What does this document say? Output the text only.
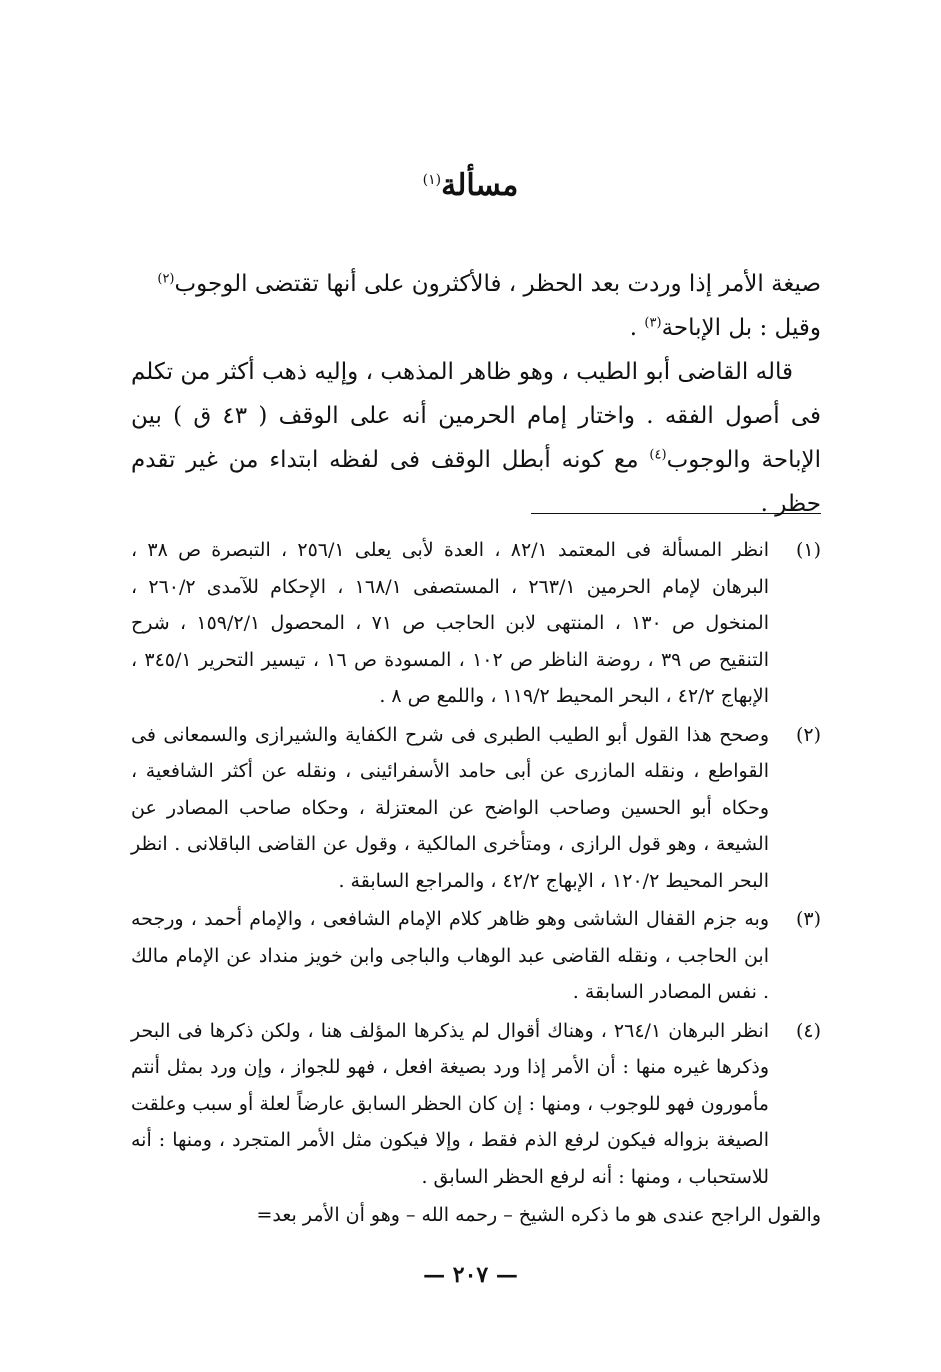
مسألة$^{(١)}$

صيغة الأمر إذا وردت بعد الحظر ، فالأكثرون على أنها تقتضى الوجوب$^{(٢)}$
وقيل : بل الإباحة$^{(٣)}$ .

قاله القاضى أبو الطيب ، وهو ظاهر المذهب ، وإليه ذهب أكثر من تكلم فى أصول الفقه . واختار إمام الحرمين أنه على الوقف ( ٤٣ ق ) بين الإباحة والوجوب$^{(٤)}$ مع كونه أبطل الوقف فى لفظه ابتداء من غير تقدم حظر .

(١)

انظر المسألة فى المعتمد ٨٢/١ ، العدة لأبى يعلى ٢٥٦/١ ، التبصرة ص ٣٨ ، البرهان لإمام الحرمين ٢٦٣/١ ، المستصفى ١٦٨/١ ، الإحكام للآمدى ٢٦٠/٢ ، المنخول ص ١٣٠ ، المنتهى لابن الحاجب ص ٧١ ، المحصول ١٥٩/٢/١ ، شرح التنقيح ص ٣٩ ، روضة الناظر ص ١٠٢ ، المسودة ص ١٦ ، تيسير التحرير ٣٤٥/١ ، الإبهاج ٤٢/٢ ، البحر المحيط ١١٩/٢ ، واللمع ص ٨ .

(٢)

وصحح هذا القول أبو الطيب الطبرى فى شرح الكفاية والشيرازى والسمعانى فى القواطع ، ونقله المازرى عن أبى حامد الأسفرائينى ، ونقله عن أكثر الشافعية ، وحكاه أبو الحسين وصاحب الواضح عن المعتزلة ، وحكاه صاحب المصادر عن الشيعة ، وهو قول الرازى ، ومتأخرى المالكية ، وقول عن القاضى الباقلانى . انظر البحر المحيط ١٢٠/٢ ، الإبهاج ٤٢/٢ ، والمراجع السابقة .

(٣)

وبه جزم القفال الشاشى وهو ظاهر كلام الإمام الشافعى ، والإمام أحمد ، ورجحه ابن الحاجب ، ونقله القاضى عبد الوهاب والباجى وابن خويز منداد عن الإمام مالك . نفس المصادر السابقة .

(٤)

انظر البرهان ٢٦٤/١ ، وهناك أقوال لم يذكرها المؤلف هنا ، ولكن ذكرها فى البحر وذكرها غيره منها : أن الأمر إذا ورد بصيغة افعل ، فهو للجواز ، وإن ورد بمثل أنتم مأمورون فهو للوجوب ، ومنها : إن كان الحظر السابق عارضاً لعلة أو سبب وعلقت الصيغة بزواله فيكون لرفع الذم فقط ، وإلا فيكون مثل الأمر المتجرد ، ومنها : أنه للاستحباب ، ومنها : أنه لرفع الحظر السابق .

والقول الراجح عندى هو ما ذكره الشيخ – رحمه الله – وهو أن الأمر بعد=

— ٢٠٧ —
